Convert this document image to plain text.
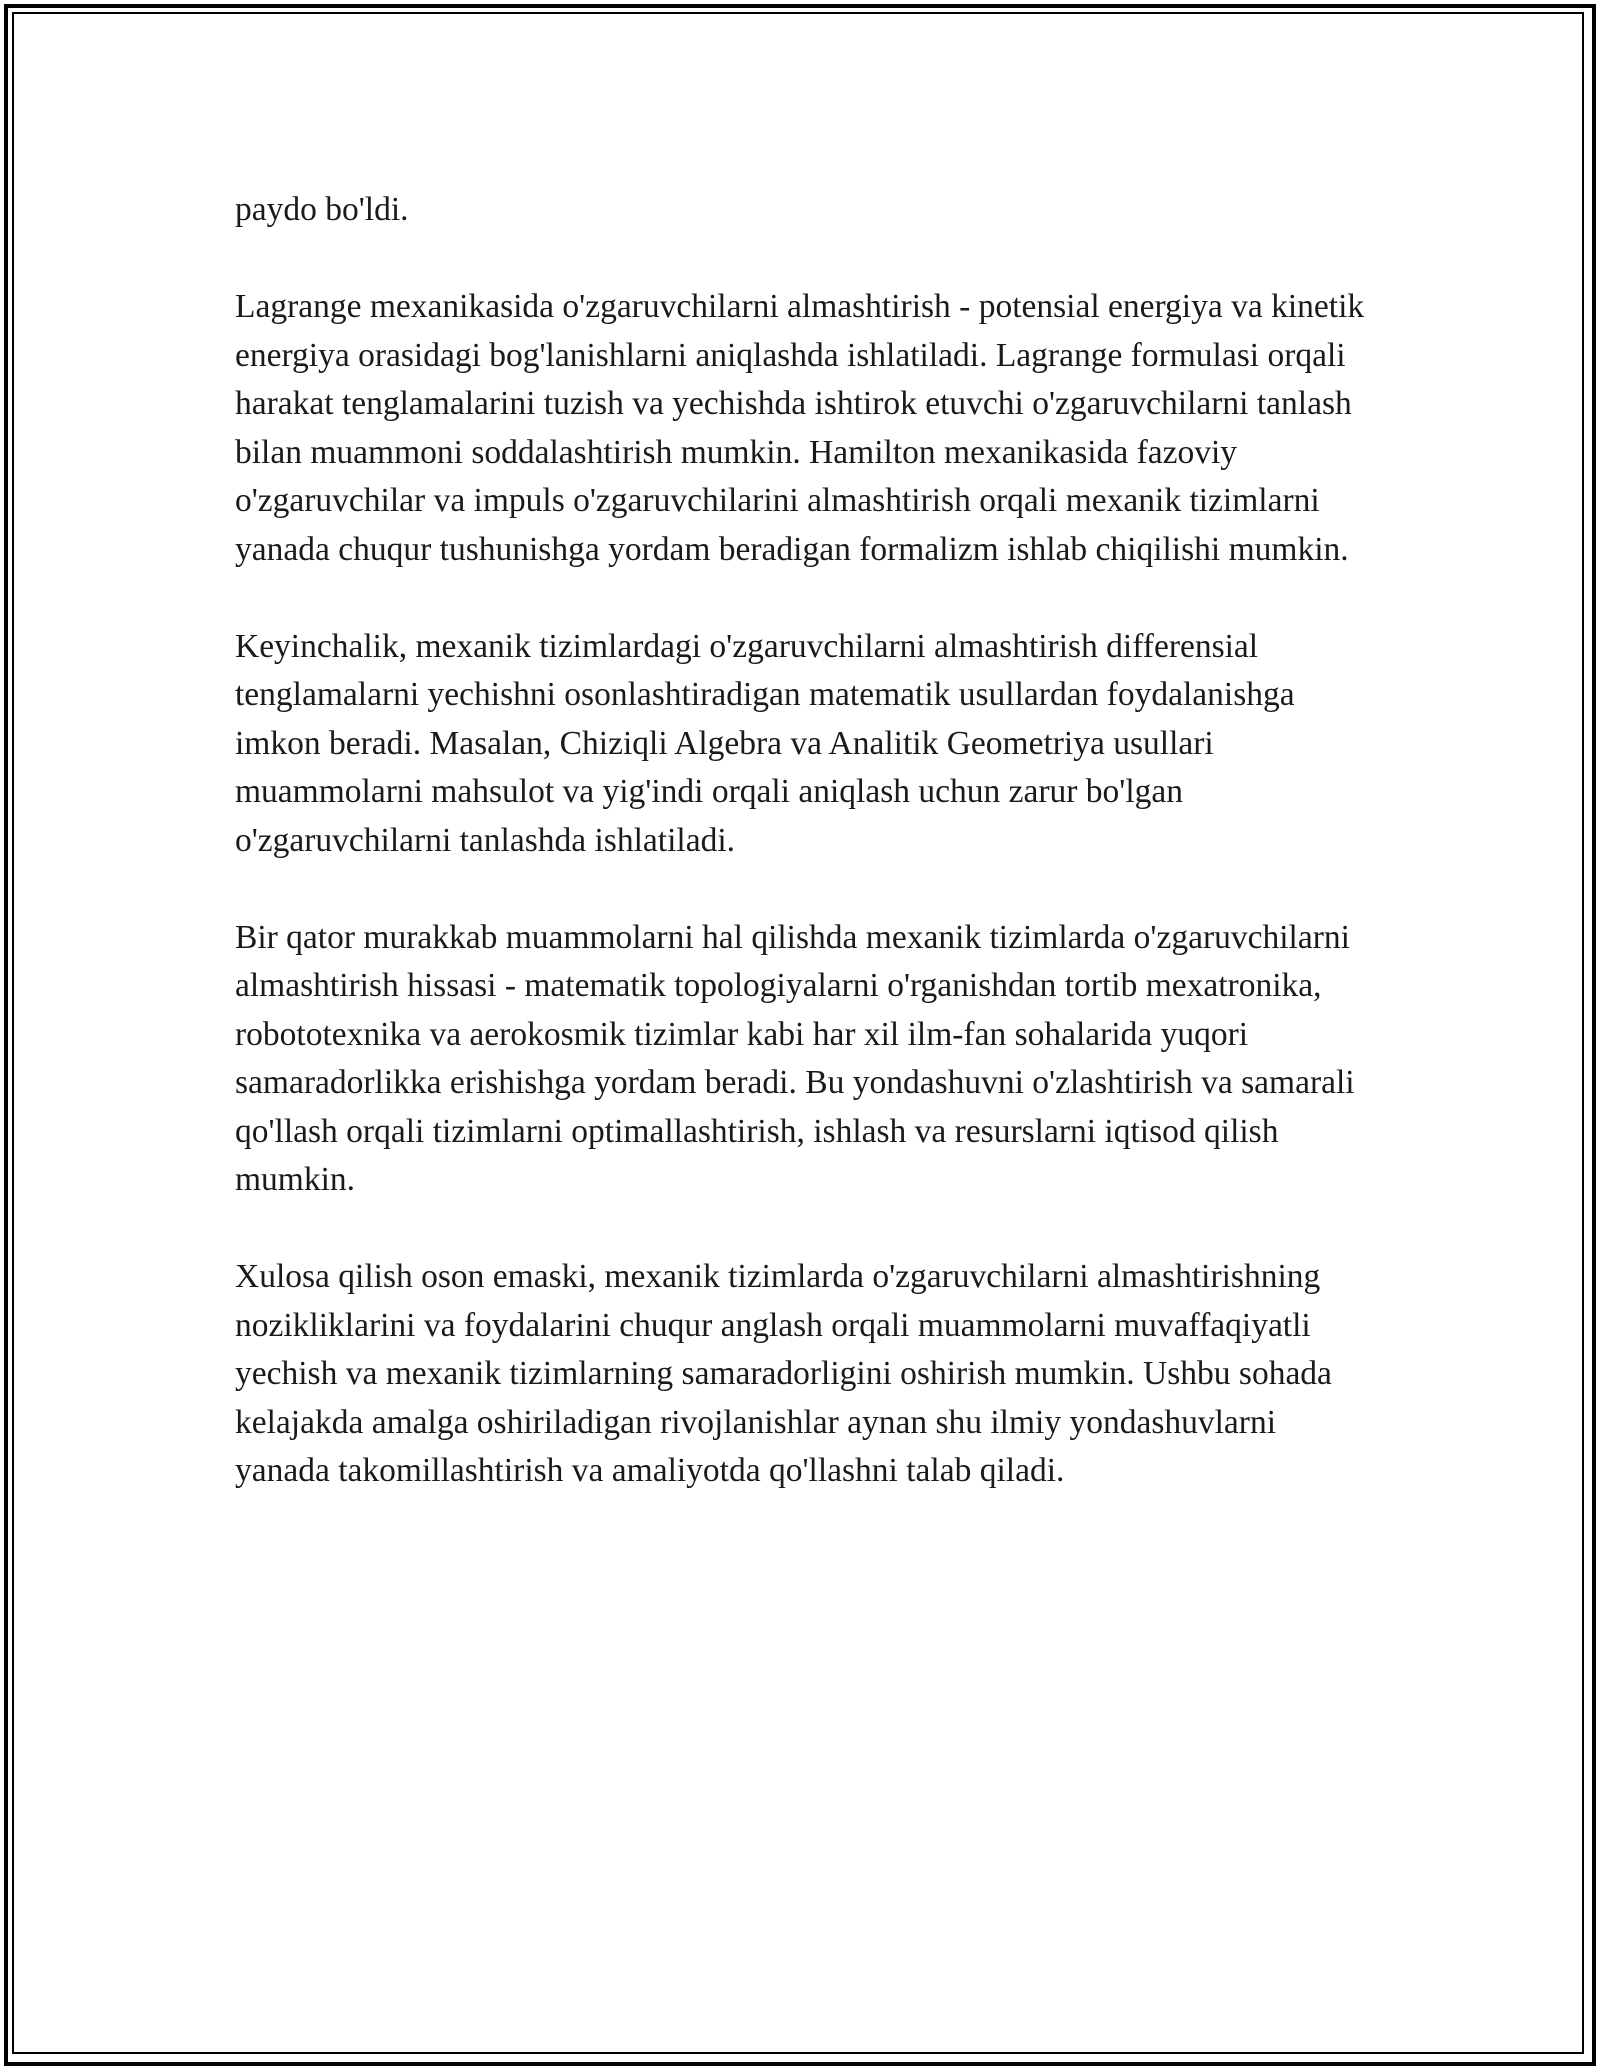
paydo bo'ldi.

Lagrange mexanikasida o'zgaruvchilarni almashtirish - potensial energiya va kinetik energiya orasidagi bog'lanishlarni aniqlashda ishlatiladi. Lagrange formulasi orqali harakat tenglamalarini tuzish va yechishda ishtirok etuvchi o'zgaruvchilarni tanlash bilan muammoni soddalashtirish mumkin. Hamilton mexanikasida fazoviy o'zgaruvchilar va impuls o'zgaruvchilarini almashtirish orqali mexanik tizimlarni yanada chuqur tushunishga yordam beradigan formalizm ishlab chiqilishi mumkin.

Keyinchalik, mexanik tizimlardagi o'zgaruvchilarni almashtirish differensial tenglamalarni yechishni osonlashtiradigan matematik usullardan foydalanishga imkon beradi. Masalan, Chiziqli Algebra va Analitik Geometriya usullari muammolarni mahsulot va yig'indi orqali aniqlash uchun zarur bo'lgan o'zgaruvchilarni tanlashda ishlatiladi.

Bir qator murakkab muammolarni hal qilishda mexanik tizimlarda o'zgaruvchilarni almashtirish hissasi - matematik topologiyalarni o'rganishdan tortib mexatronika, robototexnika va aerokosmik tizimlar kabi har xil ilm-fan sohalarida yuqori samaradorlikka erishishga yordam beradi. Bu yondashuvni o'zlashtirish va samarali qo'llash orqali tizimlarni optimallashtirish, ishlash va resurslarni iqtisod qilish mumkin.

Xulosa qilish oson emaski, mexanik tizimlarda o'zgaruvchilarni almashtirishning nozikliklarini va foydalarini chuqur anglash orqali muammolarni muvaffaqiyatli yechish va mexanik tizimlarning samaradorligini oshirish mumkin. Ushbu sohada kelajakda amalga oshiriladigan rivojlanishlar aynan shu ilmiy yondashuvlarni yanada takomillashtirish va amaliyotda qo'llashni talab qiladi.
